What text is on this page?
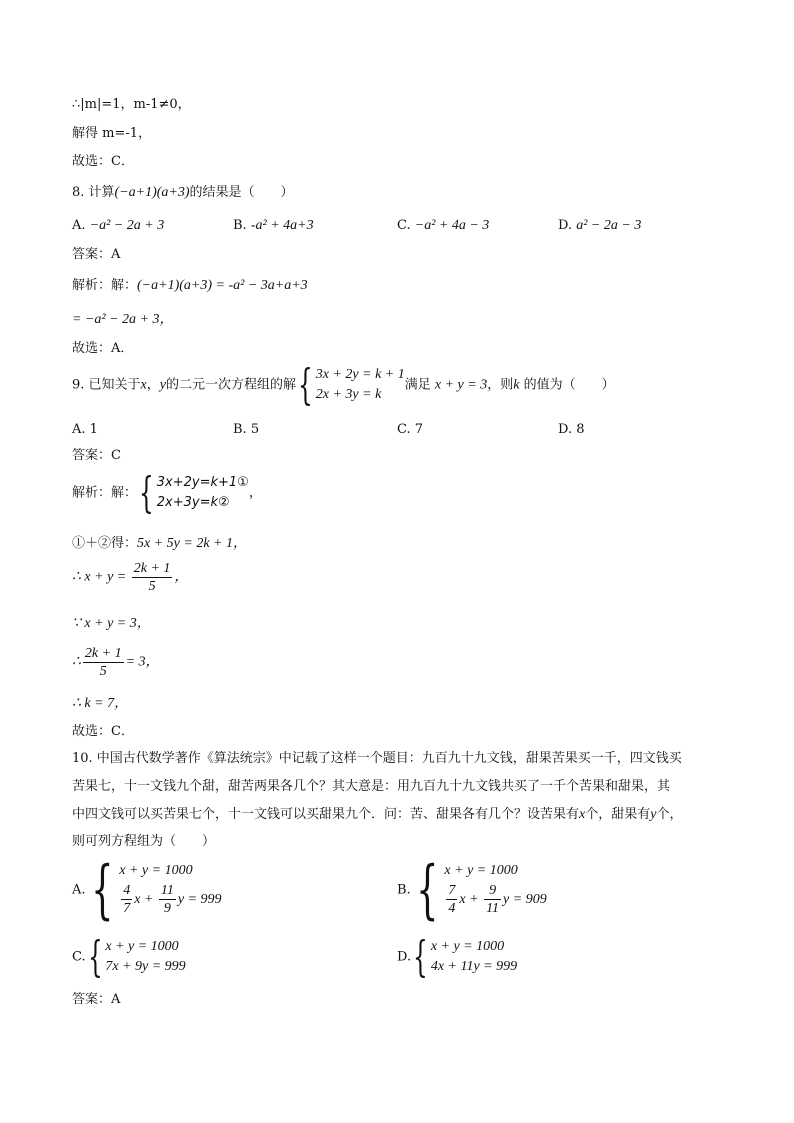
∴|m|=1，m-1≠0，
解得 m=-1，
故选：C．
8. 计算(−a+1)(a+3)的结果是（　　）
A. −a² − 2a + 3	B. -a² + 4a+3	C. −a² + 4a − 3	D. a² − 2a − 3
答案：A
解析：解：(−a+1)(a+3) = -a² − 3a+a+3
= −a² − 2a + 3，
故选：A．
9. 已知关于x，y的二元一次方程组的解{ 3x + 2y = k + 1
2x + 3y = k
满足 x + y = 3，则k 的值为（　　）
A. 1	B. 5	C. 7	D. 8
答案：C
解析：解：{ 3x+2y=k+1①
2x+3y=k②
，
①＋②得：5x + 5y = 2k + 1，
∴ $x + y = \frac{2k + 1}{5}$ ，
∵ x + y = 3，
∴ $\frac{2k + 1}{5} = 3$，
∴ k = 7，
故选：C．
10. 中国古代数学著作《算法统宗》中记载了这样一个题目：九百九十九文钱，甜果苦果买一千，四文钱买
苦果七，十一文钱九个甜，甜苦两果各几个？其大意是：用九百九十九文钱共买了一千个苦果和甜果，其
中四文钱可以买苦果七个，十一文钱可以买甜果九个．问：苦、甜果各有几个？设苦果有x个，甜果有y个，
则可列方程组为（　　）
A.{ x + y = 1000
$\frac{4}{7}$ $x + \frac{11}{9}$ y = 999
B.{ x + y = 1000
$\frac{7}{4}$ $x + \frac{9}{11}$ y = 909
C.{ x + y = 1000
7x + 9y = 999
D.{ x + y = 1000
4x + 11y = 999
答案：A
